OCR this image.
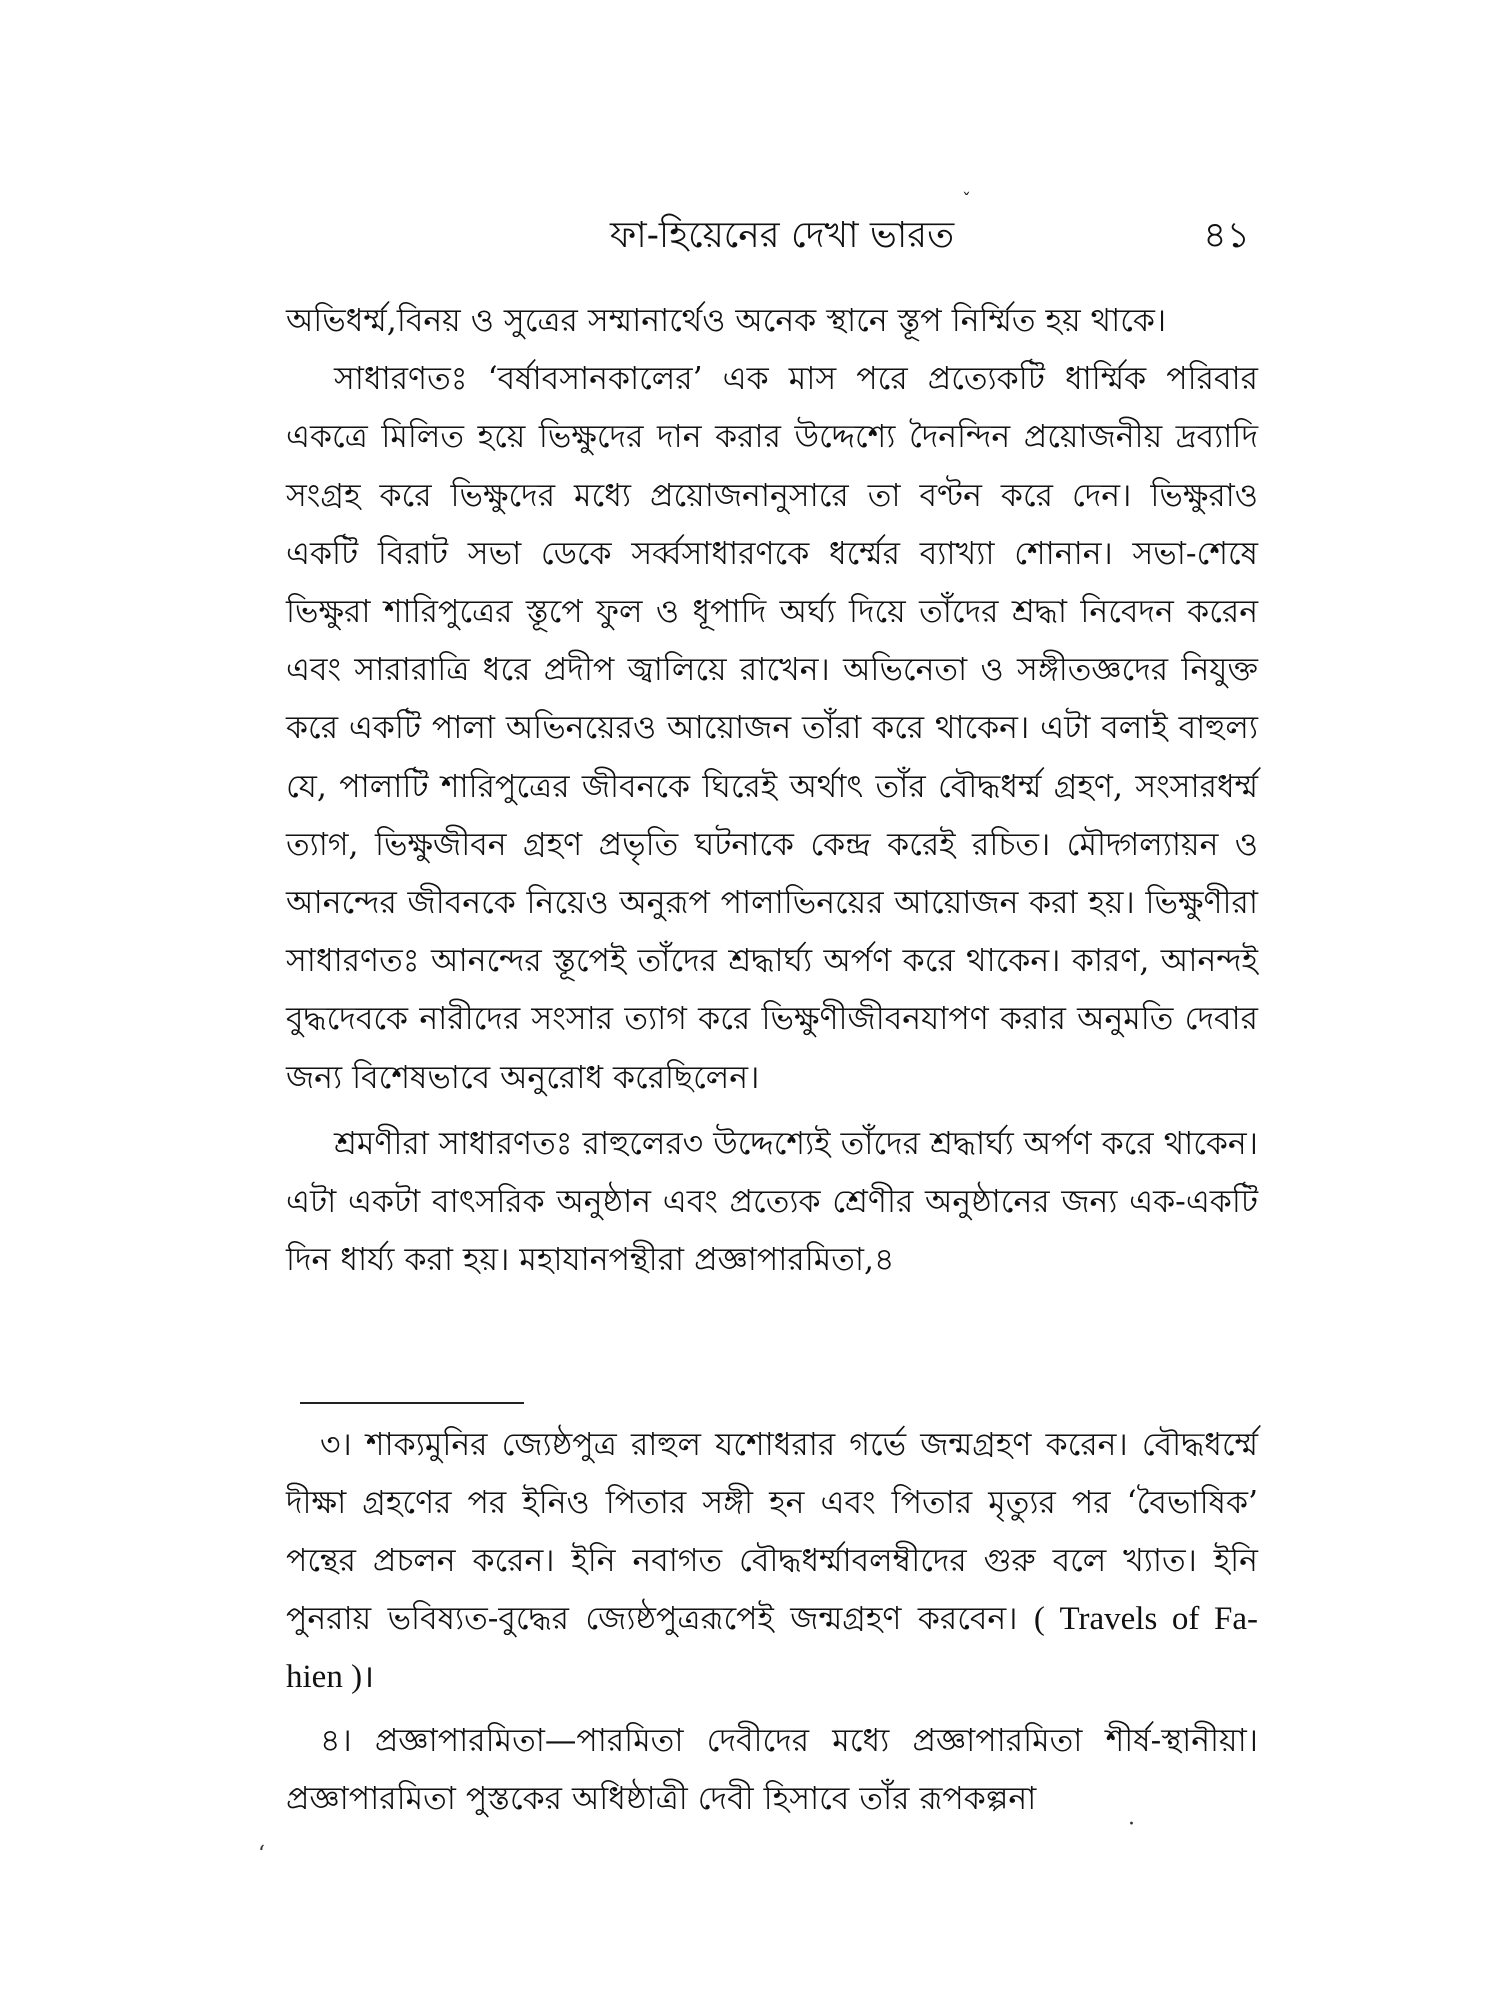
ˇ
ফা-হিয়েনের দেখা ভারত	৪১

অভিধর্ম্ম,বিনয় ও সুত্রের সম্মানার্থেও অনেক স্থানে স্তূপ নির্ম্মিত হয় থাকে।

সাধারণতঃ ‘বর্ষাবসানকালের’ এক মাস পরে প্রত্যেকটি ধার্ম্মিক পরিবার একত্রে মিলিত হয়ে ভিক্ষুদের দান করার উদ্দেশ্যে দৈনন্দিন প্রয়োজনীয় দ্রব্যাদি সংগ্রহ করে ভিক্ষুদের মধ্যে প্রয়োজনানুসারে তা বণ্টন করে দেন। ভিক্ষুরাও একটি বিরাট সভা ডেকে সর্ব্বসাধারণকে ধর্ম্মের ব্যাখ্যা শোনান। সভা-শেষে ভিক্ষুরা শারিপুত্রের স্তূপে ফুল ও ধূপাদি অর্ঘ্য দিয়ে তাঁদের শ্রদ্ধা নিবেদন করেন এবং সারারাত্রি ধরে প্রদীপ জ্বালিয়ে রাখেন। অভিনেতা ও সঙ্গীতজ্ঞদের নিযুক্ত করে একটি পালা অভিনয়েরও আয়োজন তাঁরা করে থাকেন। এটা বলাই বাহুল্য যে, পালাটি শারিপুত্রের জীবনকে ঘিরেই অর্থাৎ তাঁর বৌদ্ধধর্ম্ম গ্রহণ, সংসারধর্ম্ম ত্যাগ, ভিক্ষুজীবন গ্রহণ প্রভৃতি ঘটনাকে কেন্দ্র করেই রচিত। মৌদ্গল্যায়ন ও আনন্দের জীবনকে নিয়েও অনুরূপ পালাভিনয়ের আয়োজন করা হয়। ভিক্ষুণীরা সাধারণতঃ আনন্দের স্তূপেই তাঁদের শ্রদ্ধার্ঘ্য অর্পণ করে থাকেন। কারণ, আনন্দই বুদ্ধদেবকে নারীদের সংসার ত্যাগ করে ভিক্ষুণীজীবনযাপণ করার অনুমতি দেবার জন্য বিশেষভাবে অনুরোধ করেছিলেন।

শ্রমণীরা সাধারণতঃ রাহুলের৩ উদ্দেশ্যেই তাঁদের শ্রদ্ধার্ঘ্য অর্পণ করে থাকেন। এটা একটা বাৎসরিক অনুষ্ঠান এবং প্রত্যেক শ্রেণীর অনুষ্ঠানের জন্য এক-একটি দিন ধার্য্য করা হয়। মহাযানপন্থীরা প্রজ্ঞাপারমিতা,৪

৩। শাক্যমুনির জ্যেষ্ঠপুত্র রাহুল যশোধরার গর্ভে জন্মগ্রহণ করেন। বৌদ্ধধর্ম্মে দীক্ষা গ্রহণের পর ইনিও পিতার সঙ্গী হন এবং পিতার মৃত্যুর পর ‘বৈভাষিক’ পন্থের প্রচলন করেন। ইনি নবাগত বৌদ্ধধর্ম্মাবলম্বীদের গুরু বলে খ্যাত। ইনি পুনরায় ভবিষ্যত-বুদ্ধের জ্যেষ্ঠপুত্ররূপেই জন্মগ্রহণ করবেন। ( Travels of Fa-hien )।

৪। প্রজ্ঞাপারমিতা—পারমিতা দেবীদের মধ্যে প্রজ্ঞাপারমিতা শীর্ষ-স্থানীয়া। প্রজ্ঞাপারমিতা পুস্তকের অধিষ্ঠাত্রী দেবী হিসাবে তাঁর রূপকল্পনা

‘
·
